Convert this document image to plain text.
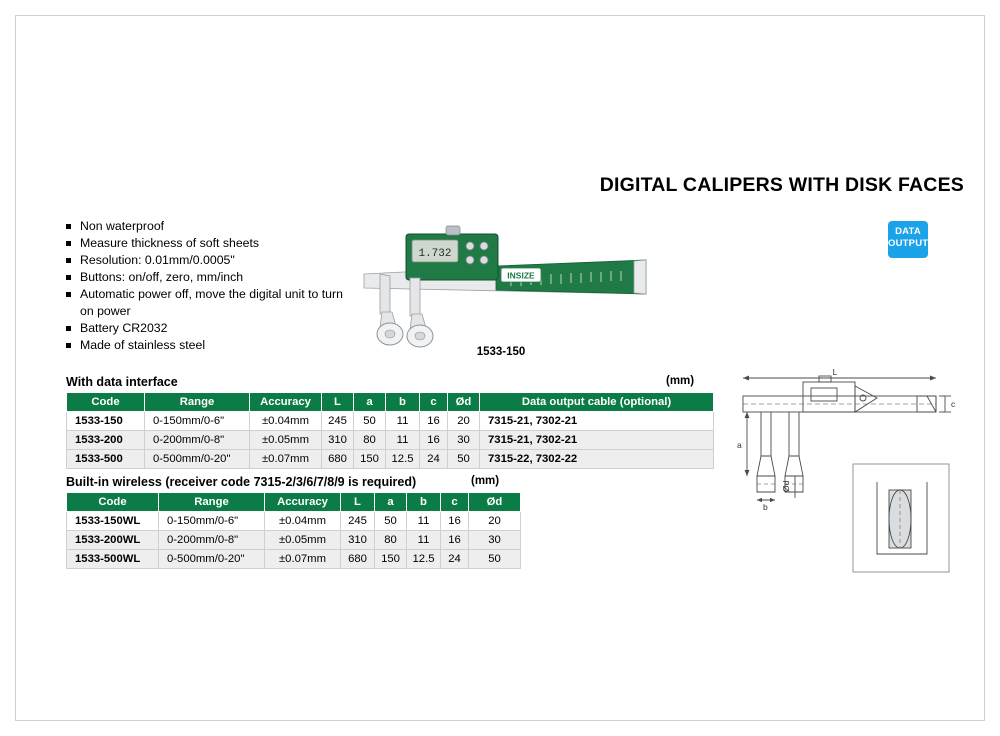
DIGITAL CALIPERS WITH DISK FACES
Non waterproof
Measure thickness of soft sheets
Resolution: 0.01mm/0.0005"
Buttons: on/off, zero, mm/inch
Automatic power off, move the digital unit to turn on power
Battery CR2032
Made of stainless steel
DATA
OUTPUT
1.732
INSIZE
1533-150
With data interface	(mm)
Code	Range	Accuracy	L	a	b	c	Ød	Data output cable (optional)
1533-150	0-150mm/0-6"	±0.04mm	245	50	11	16	20	7315-21, 7302-21
1533-200	0-200mm/0-8"	±0.05mm	310	80	11	16	30	7315-21, 7302-21
1533-500	0-500mm/0-20"	±0.07mm	680	150	12.5	24	50	7315-22, 7302-22
Built-in wireless (receiver code 7315-2/3/6/7/8/9 is required)	(mm)
Code	Range	Accuracy	L	a	b	c	Ød
1533-150WL	0-150mm/0-6"	±0.04mm	245	50	11	16	20
1533-200WL	0-200mm/0-8"	±0.05mm	310	80	11	16	30
1533-500WL	0-500mm/0-20"	±0.07mm	680	150	12.5	24	50
L
c
a
Ød
b
